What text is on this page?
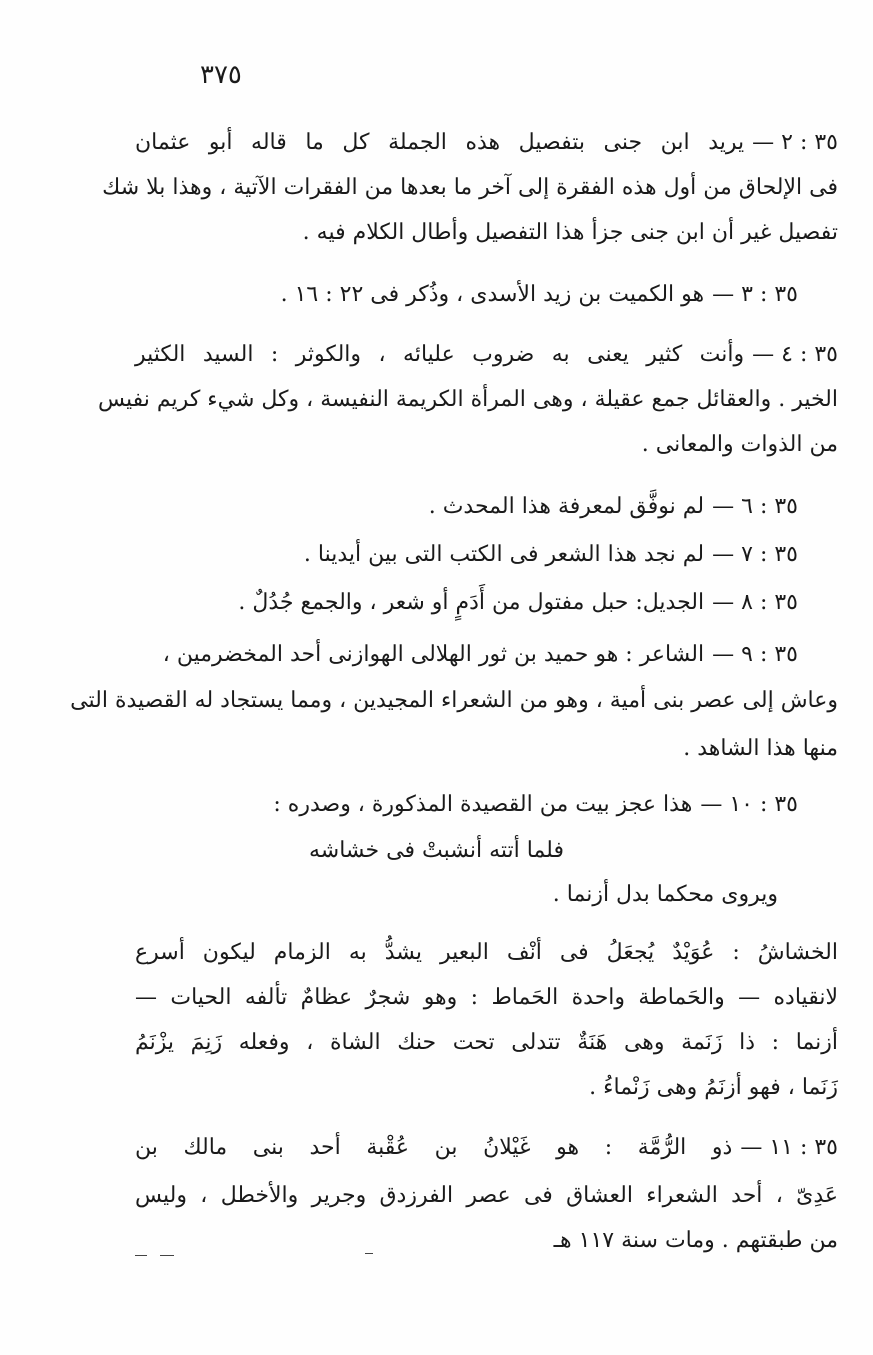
٣٧٥
٣٥ : ٢ —يريد ابن جنى بتفصيل هذه الجملة كل ما قاله أبو عثمان
فى الإلحاق من أول هذه الفقرة إلى آخر ما بعدها من الفقرات الآتية ، وهذا بلا شك
تفصيل غير أن ابن جنى جزأ هذا التفصيل وأطال الكلام فيه .
٣٥ : ٣ —هو الكميت بن زيد الأسدى ، وذُكر فى ٢٢ : ١٦ .
٣٥ : ٤ —وأنت كثير يعنى به ضروب عليائه ، والكوثر : السيد الكثير
الخير . والعقائل جمع عقيلة ، وهى المرأة الكريمة النفيسة ، وكل شيء كريم نفيس
من الذوات والمعانى .
٣٥ : ٦ —لم نوفَّق لمعرفة هذا المحدث .
٣٥ : ٧ —لم نجد هذا الشعر فى الكتب التى بين أيدينا .
٣٥ : ٨ —الجديل: حبل مفتول من أَدَمٍ أو شعر ، والجمع جُدُلٌ .
٣٥ : ٩ —الشاعر : هو حميد بن ثور الهلالى الهوازنى أحد المخضرمين ،
وعاش إلى عصر بنى أمية ، وهو من الشعراء المجيدين ، ومما يستجاد له القصيدة التى
منها هذا الشاهد .
٣٥ : ١٠ —هذا عجز بيت من القصيدة المذكورة ، وصدره :
فلما أتته أنشبتْ فى خشاشه
ويروى محكما بدل أزنما .
الخشاشُ : عُوَيْدٌ يُجعَلُ فى أنْف البعير يشدُّ به الزمام ليكون أسرع
لانقياده — والحَماطة واحدة الحَماط : وهو شجرٌ عظامٌ تألفه الحيات —
أزنما : ذا زَنَمة وهى هَنَةٌ تتدلى تحت حنك الشاة ، وفعله زَنِمَ يزْنَمُ
زَنَما ، فهو أزنَمُ وهى زَنْماءُ .
٣٥ : ١١ —ذو الرُّمَّة : هو غَيْلانُ بن عُقْبة أحد بنى مالك بن
عَدِىّ ، أحد الشعراء العشاق فى عصر الفرزدق وجرير والأخطل ، وليس
من طبقتهم . ومات سنة ١١٧ هـ
